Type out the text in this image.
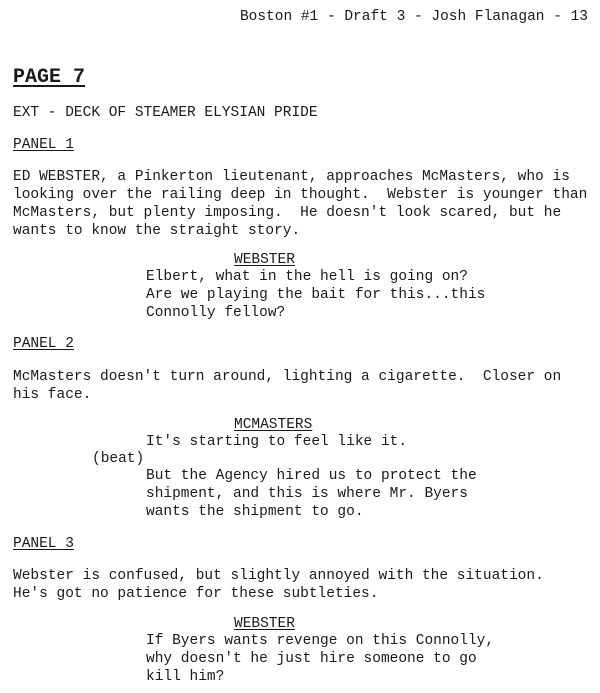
Boston #1 - Draft 3 - Josh Flanagan - 13
PAGE 7
EXT - DECK OF STEAMER ELYSIAN PRIDE
PANEL 1
ED WEBSTER, a Pinkerton lieutenant, approaches McMasters, who is
looking over the railing deep in thought.  Webster is younger than
McMasters, but plenty imposing.  He doesn't look scared, but he
wants to know the straight story.
WEBSTER
Elbert, what in the hell is going on?
Are we playing the bait for this...this
Connolly fellow?
PANEL 2
McMasters doesn't turn around, lighting a cigarette.  Closer on
his face.
MCMASTERS
It's starting to feel like it.
(beat)
But the Agency hired us to protect the
shipment, and this is where Mr. Byers
wants the shipment to go.
PANEL 3
Webster is confused, but slightly annoyed with the situation.
He's got no patience for these subtleties.
WEBSTER
If Byers wants revenge on this Connolly,
why doesn't he just hire someone to go
kill him?
